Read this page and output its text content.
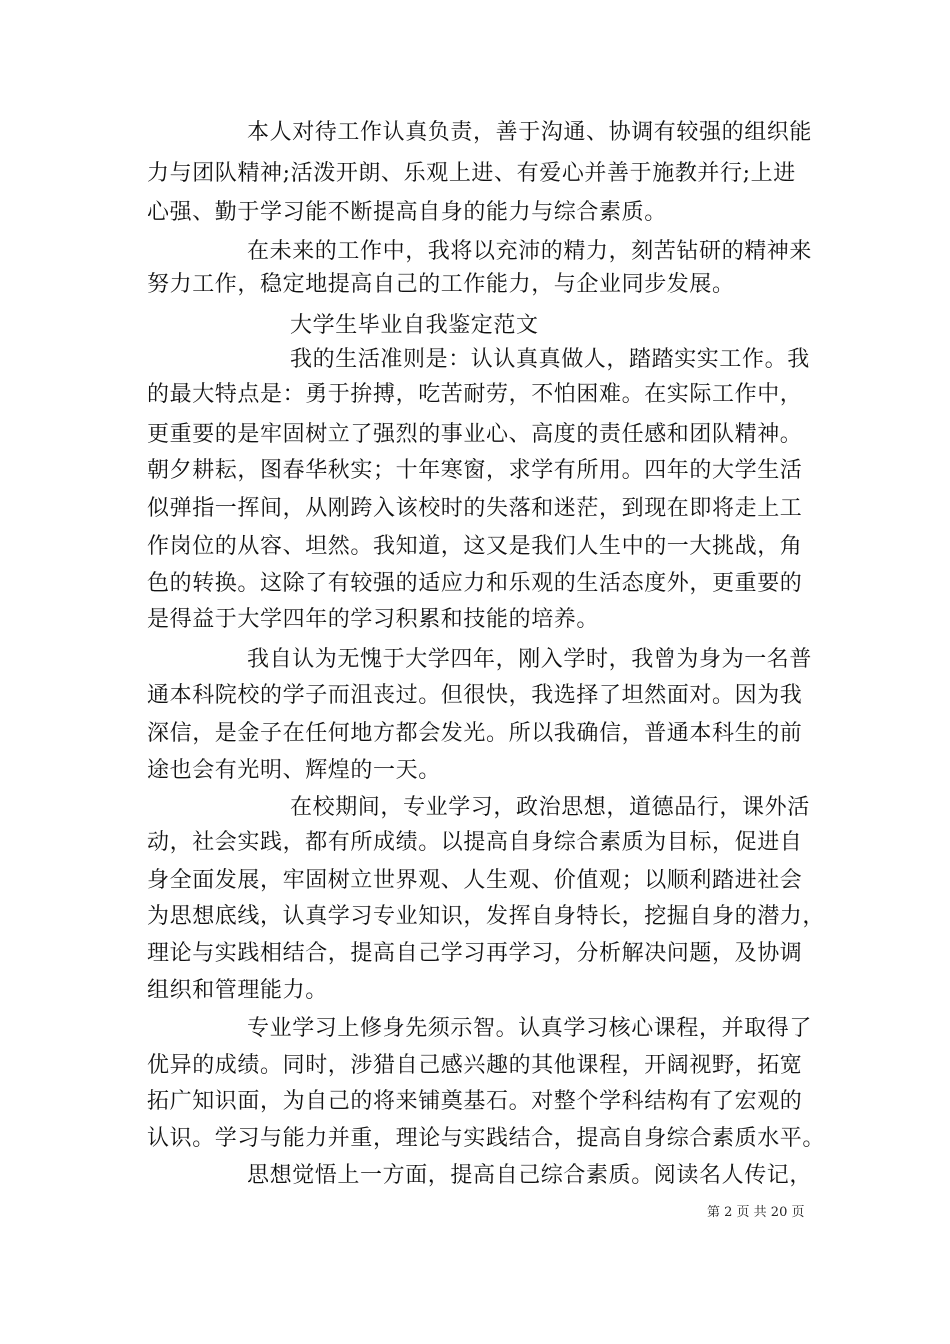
本人对待工作认真负责，善于沟通、协调有较强的组织能
力与团队精神;活泼开朗、乐观上进、有爱心并善于施教并行;上进
心强、勤于学习能不断提高自身的能力与综合素质。
在未来的工作中，我将以充沛的精力，刻苦钻研的精神来
努力工作，稳定地提高自己的工作能力，与企业同步发展。
大学生毕业自我鉴定范文
我的生活准则是：认认真真做人，踏踏实实工作。我
的最大特点是：勇于拚搏，吃苦耐劳，不怕困难。在实际工作中，
更重要的是牢固树立了强烈的事业心、高度的责任感和团队精神。
朝夕耕耘，图春华秋实；十年寒窗，求学有所用。四年的大学生活
似弹指一挥间，从刚跨入该校时的失落和迷茫，到现在即将走上工
作岗位的从容、坦然。我知道，这又是我们人生中的一大挑战，角
色的转换。这除了有较强的适应力和乐观的生活态度外，更重要的
是得益于大学四年的学习积累和技能的培养。
我自认为无愧于大学四年，刚入学时，我曾为身为一名普
通本科院校的学子而沮丧过。但很快，我选择了坦然面对。因为我
深信，是金子在任何地方都会发光。所以我确信，普通本科生的前
途也会有光明、辉煌的一天。
在校期间，专业学习，政治思想，道德品行，课外活
动，社会实践，都有所成绩。以提高自身综合素质为目标，促进自
身全面发展，牢固树立世界观、人生观、价值观；以顺利踏进社会
为思想底线，认真学习专业知识，发挥自身特长，挖掘自身的潜力，
理论与实践相结合，提高自己学习再学习，分析解决问题，及协调
组织和管理能力。
专业学习上修身先须示智。认真学习核心课程，并取得了
优异的成绩。同时，涉猎自己感兴趣的其他课程，开阔视野，拓宽
拓广知识面，为自己的将来铺奠基石。对整个学科结构有了宏观的
认识。学习与能力并重，理论与实践结合，提高自身综合素质水平。
思想觉悟上一方面，提高自己综合素质。阅读名人传记，
第 2 页 共 20 页
